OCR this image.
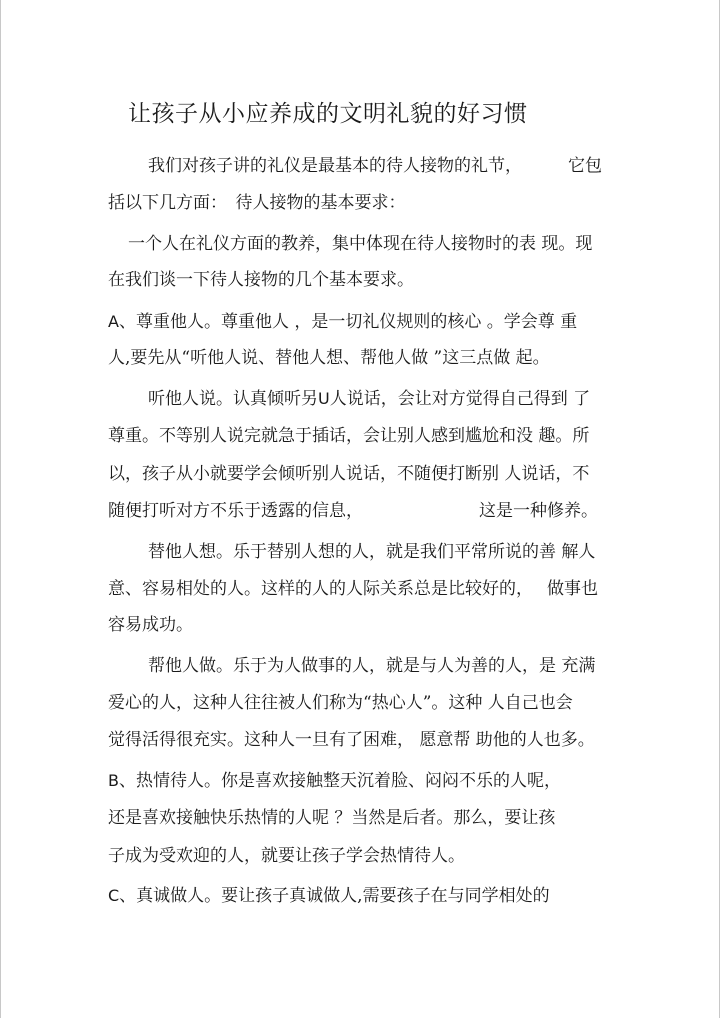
让孩子从小应养成的文明礼貌的好习惯
我们对孩子讲的礼仪是最基本的待人接物的礼节，	它包
括以下几方面：　待人接物的基本要求：
一个人在礼仪方面的教养，集中体现在待人接物时的表 现。现
在我们谈一下待人接物的几个基本要求。
A、尊重他人。尊重他人 ，是一切礼仪规则的核心 。学会尊 重
人,要先从“听他人说、替他人想、帮他人做 ”这三点做 起。
听他人说。认真倾听另U人说话，会让对方觉得自己得到 了
尊重。不等别人说完就急于插话，会让别人感到尴尬和没 趣。所
以，孩子从小就要学会倾听别人说话，不随便打断别 人说话，不
随便打听对方不乐于透露的信息，	这是一种修养。
替他人想。乐于替别人想的人，就是我们平常所说的善 解人
意、容易相处的人。这样的人的人际关系总是比较好的， 做事也
容易成功。
帮他人做。乐于为人做事的人，就是与人为善的人，是 充满
爱心的人，这种人往往被人们称为“热心人”。这种 人自己也会
觉得活得很充实。这种人一旦有了困难， 愿意帮 助他的人也多。
B、热情待人。你是喜欢接触整天沉着脸、闷闷不乐的人呢，
还是喜欢接触快乐热情的人呢 ？当然是后者。那么，要让孩
子成为受欢迎的人，就要让孩子学会热情待人。
C、真诚做人。要让孩子真诚做人,需要孩子在与同学相处的
